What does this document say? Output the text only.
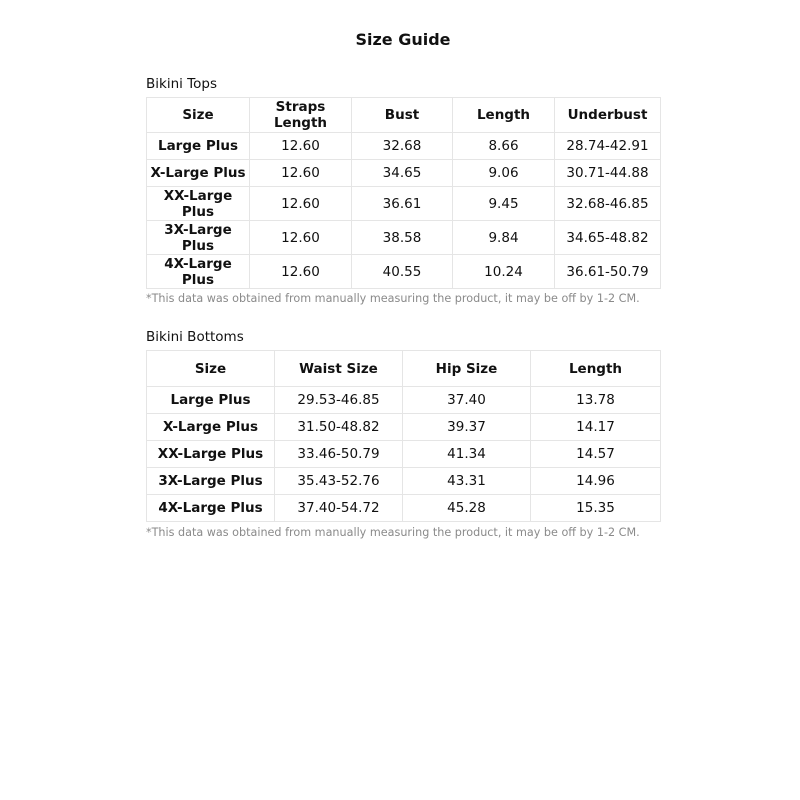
Size Guide
Bikini Tops
Size	Straps Length	Bust	Length	Underbust
Large Plus	12.60	32.68	8.66	28.74-42.91
X-Large Plus	12.60	34.65	9.06	30.71-44.88
XX-Large Plus	12.60	36.61	9.45	32.68-46.85
3X-Large Plus	12.60	38.58	9.84	34.65-48.82
4X-Large Plus	12.60	40.55	10.24	36.61-50.79
*This data was obtained from manually measuring the product, it may be off by 1-2 CM.
Bikini Bottoms
Size	Waist Size	Hip Size	Length
Large Plus	29.53-46.85	37.40	13.78
X-Large Plus	31.50-48.82	39.37	14.17
XX-Large Plus	33.46-50.79	41.34	14.57
3X-Large Plus	35.43-52.76	43.31	14.96
4X-Large Plus	37.40-54.72	45.28	15.35
*This data was obtained from manually measuring the product, it may be off by 1-2 CM.
